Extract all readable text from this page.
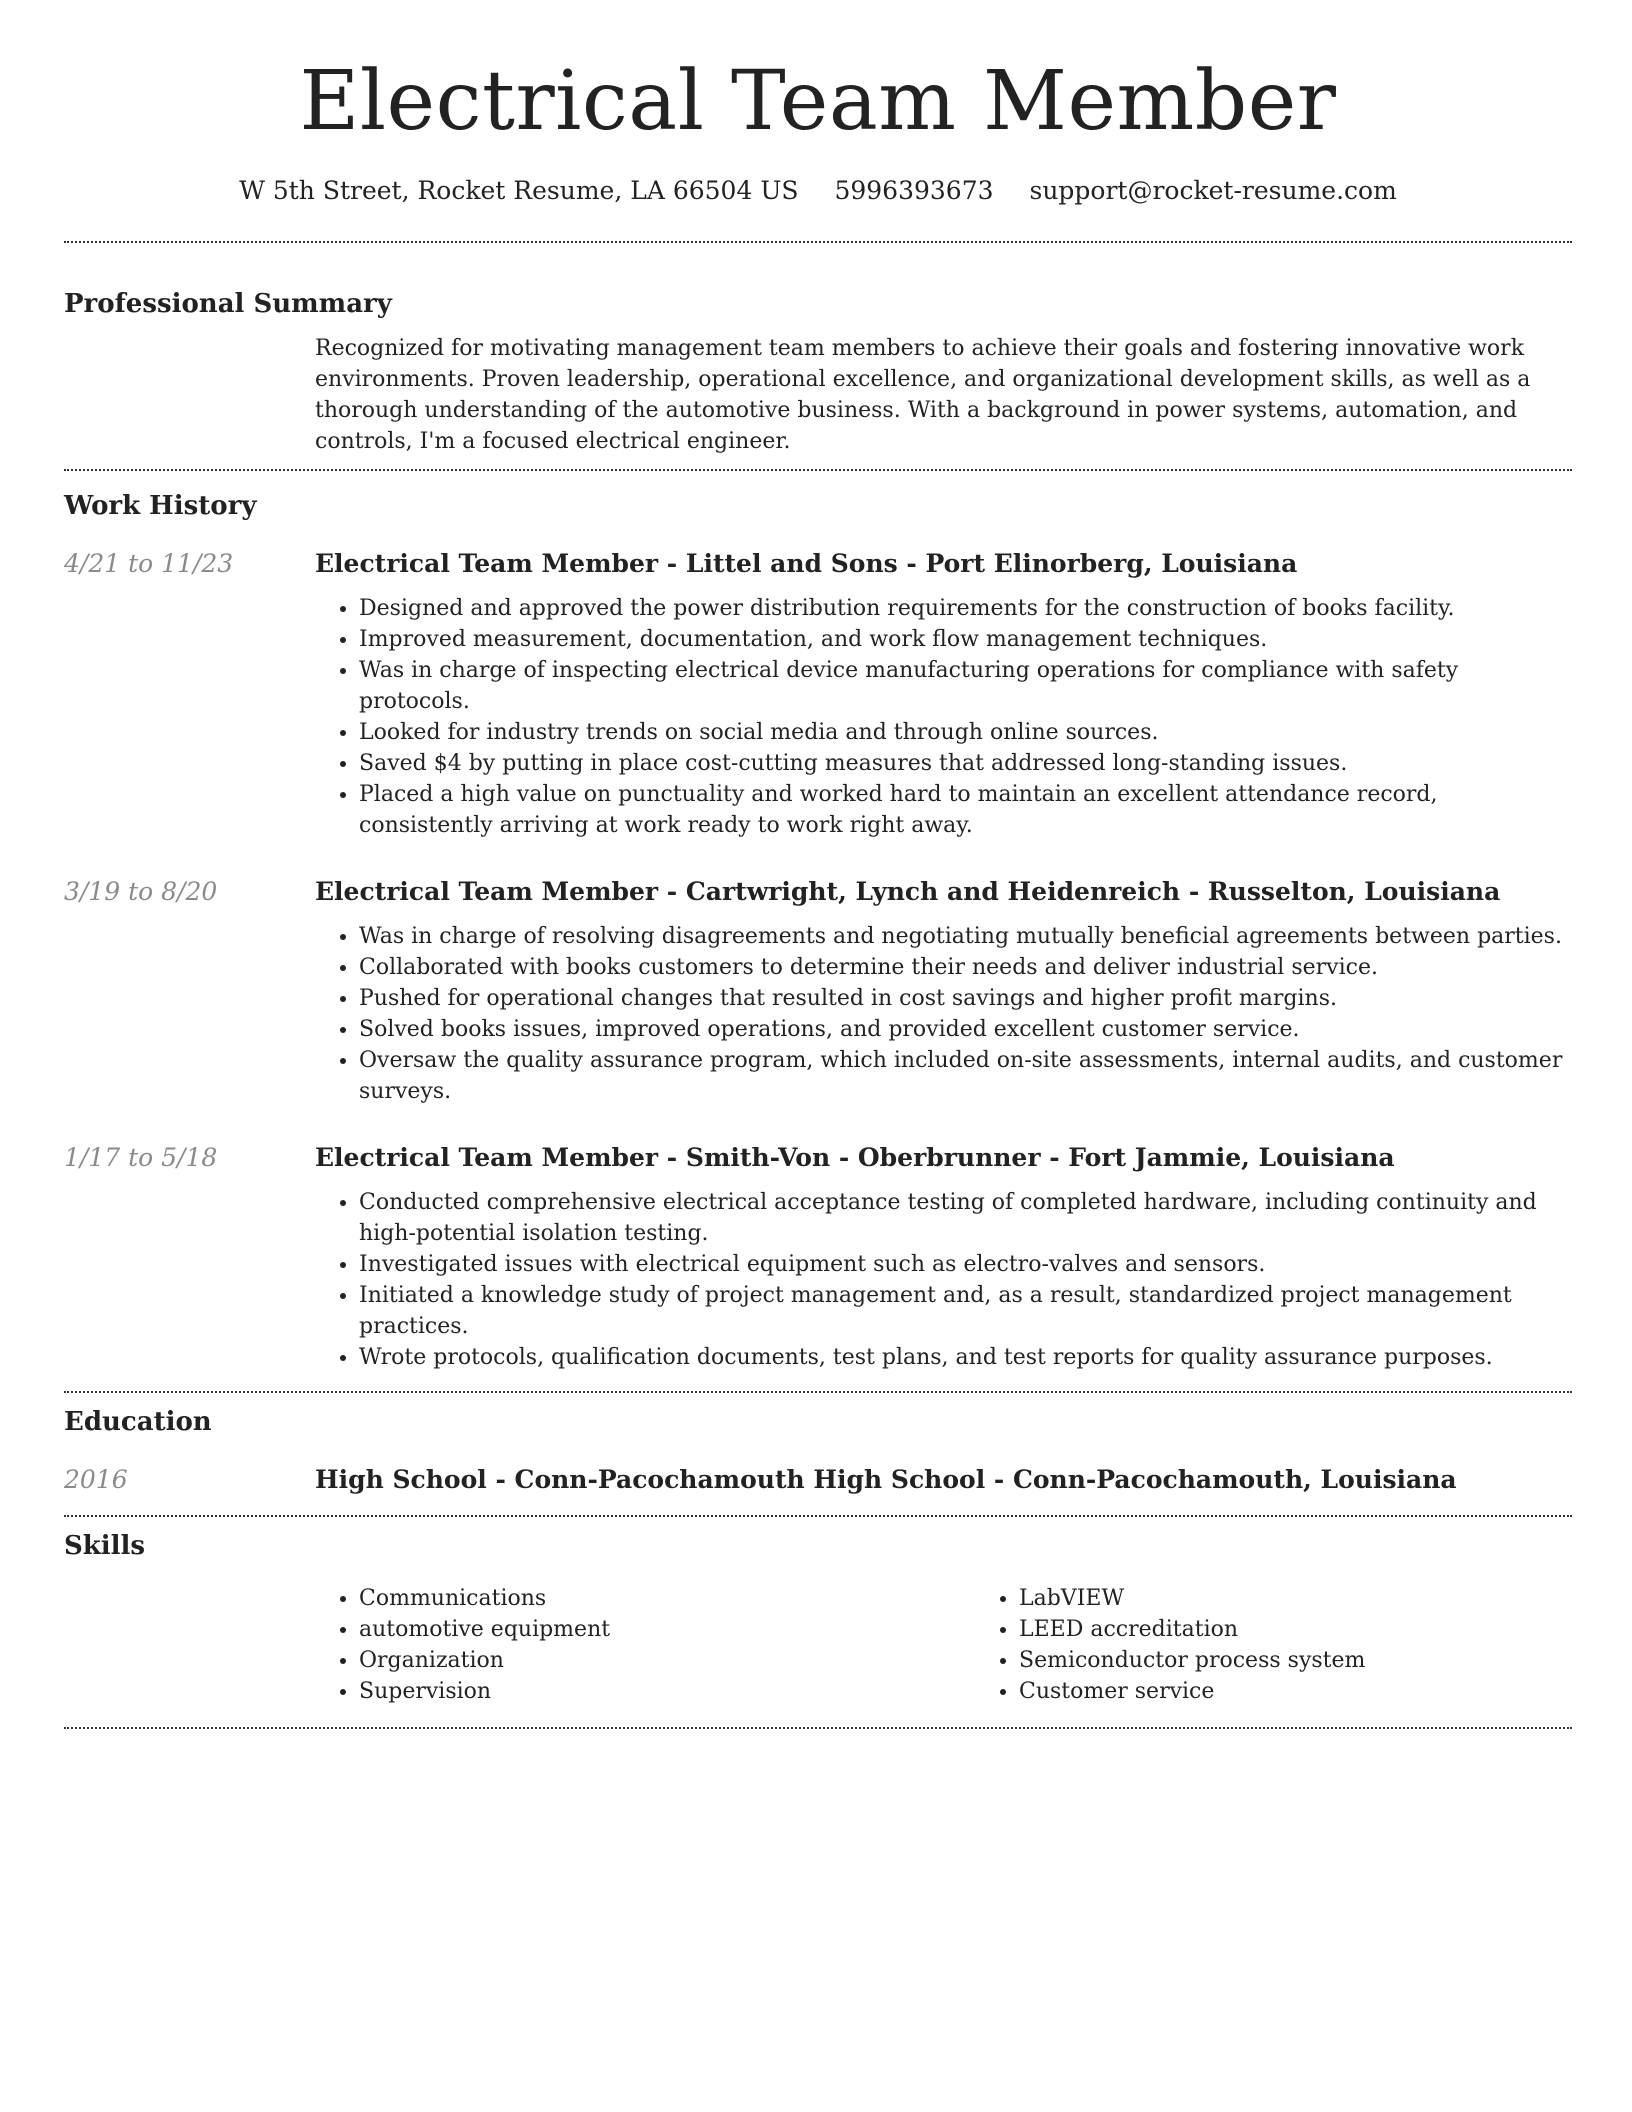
Electrical Team Member
W 5th Street, Rocket Resume, LA 66504 US 5996393673 support@rocket-resume.com
Professional Summary

Recognized for motivating management team members to achieve their goals and fostering innovative work environments. Proven leadership, operational excellence, and organizational development skills, as well as a thorough understanding of the automotive business. With a background in power systems, automation, and controls, I'm a focused electrical engineer.

Work History
4/21 to 11/23	Electrical Team Member - Littel and Sons - Port Elinorberg, Louisiana
• Designed and approved the power distribution requirements for the construction of books facility.
• Improved measurement, documentation, and work flow management techniques.
• Was in charge of inspecting electrical device manufacturing operations for compliance with safety protocols.
• Looked for industry trends on social media and through online sources.
• Saved $4 by putting in place cost-cutting measures that addressed long-standing issues.
• Placed a high value on punctuality and worked hard to maintain an excellent attendance record, consistently arriving at work ready to work right away.
3/19 to 8/20	Electrical Team Member - Cartwright, Lynch and Heidenreich - Russelton, Louisiana
• Was in charge of resolving disagreements and negotiating mutually beneficial agreements between parties.
• Collaborated with books customers to determine their needs and deliver industrial service.
• Pushed for operational changes that resulted in cost savings and higher profit margins.
• Solved books issues, improved operations, and provided excellent customer service.
• Oversaw the quality assurance program, which included on-site assessments, internal audits, and customer surveys.
1/17 to 5/18	Electrical Team Member - Smith-Von - Oberbrunner - Fort Jammie, Louisiana
• Conducted comprehensive electrical acceptance testing of completed hardware, including continuity and high-potential isolation testing.
• Investigated issues with electrical equipment such as electro-valves and sensors.
• Initiated a knowledge study of project management and, as a result, standardized project management practices.
• Wrote protocols, qualification documents, test plans, and test reports for quality assurance purposes.
Education
2016	High School - Conn-Pacochamouth High School - Conn-Pacochamouth, Louisiana
Skills
• Communications
• automotive equipment
• Organization
• Supervision
• LabVIEW
• LEED accreditation
• Semiconductor process system
• Customer service
